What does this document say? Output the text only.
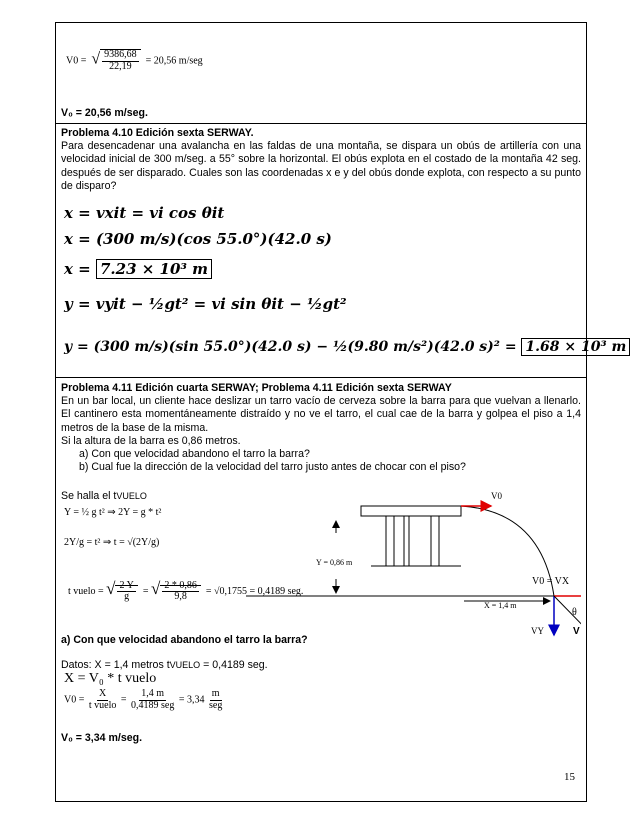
V0 = √ $\frac{9386,68}{22,19} = 20,56$ m/seg
V₀ = 20,56 m/seg.
Problema 4.10 Edición sexta SERWAY.
Para desencadenar una avalancha en las faldas de una montaña, se dispara un obús de artillería con una velocidad inicial de 300 m/seg. a 55° sobre la horizontal. El obús explota en el costado de la montaña 42 seg. después de ser disparado. Cuales son las coordenadas x e y del obús donde explota, con respecto a su punto de disparo?
x = vxit = vi cos θit
x = (300 m/s)(cos 55.0°)(42.0 s)
x = 7.23 × 10³ m
y = vyit − ½gt² = vi sin θit − ½gt²
y = (300 m/s)(sin 55.0°)(42.0 s) − ½(9.80 m/s²)(42.0 s)² = 1.68 × 10³ m
Problema 4.11 Edición cuarta SERWAY; Problema 4.11 Edición sexta SERWAY
En un bar local, un cliente hace deslizar un tarro vacío de cerveza sobre la barra para que vuelvan a llenarlo. El cantinero esta momentáneamente distraído y no ve el tarro, el cual cae de la barra y golpea el piso a 1,4 metros de la base de la misma.
Si la altura de la barra es 0,86 metros.
a) Con que velocidad abandono el tarro la barra?
b) Cual fue la dirección de la velocidad del tarro justo antes de chocar con el piso?
Se halla el tVUELO
Y = ½ g t² ⇒ 2Y = g * t²
2Y/g = t² ⇒ t = √(2Y/g)
t vuelo = √ $\frac{2 Y}{g}$ = √ $\frac{2 * 0,86}{9,8} = √0,1755 = 0,4189$ seg.
V0
Y = 0,86 m
X = 1,4 m
V0 = VX
θ
VY	V
a) Con que velocidad abandono el tarro la barra?
Datos: X = 1,4 metros tVUELO = 0,4189 seg.
X = V₀ * t vuelo
$V0 = \frac{X}{\text{t vuelo}} = \frac{1,4 m}{\text{0,4189 seg}} = 3,34 \frac{m}{\text{seg}}$
V₀ = 3,34 m/seg.
15
